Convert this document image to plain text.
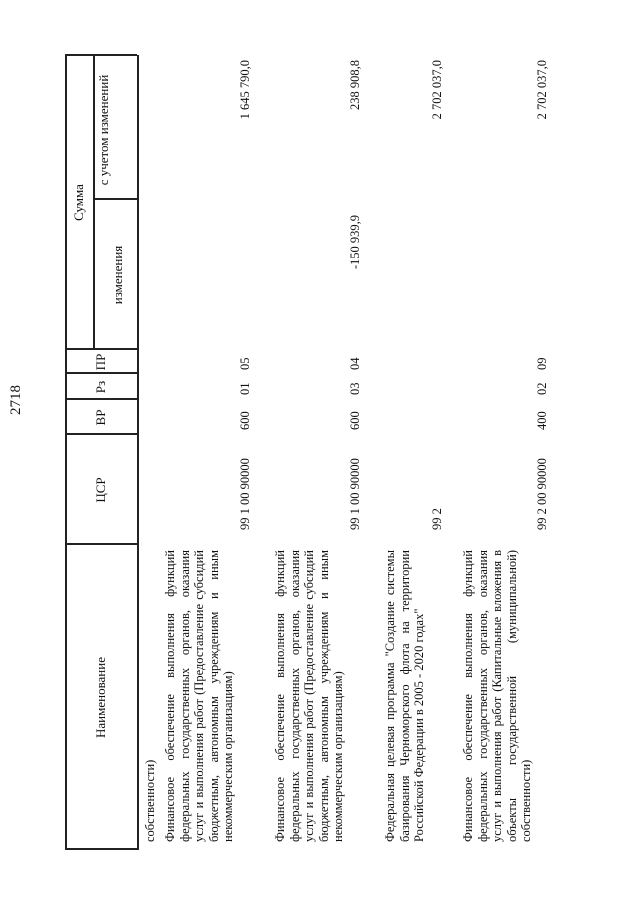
2718
Наименование
ЦСР
ВР
Рз
ПР
Сумма
изменения
с учетом изменений
собственности) Финансовое обеспечение выполнения функций федеральных государственных органов, оказания услуг и выполнения работ (Предоставление субсидий бюджетным, автономным учреждениям и иным некоммерческим организациям)
99 1 00 90000
600
01
05
1 645 790,0
Финансовое обеспечение выполнения функций федеральных государственных органов, оказания услуг и выполнения работ (Предоставление субсидий бюджетным, автономным учреждениям и иным некоммерческим организациям)
99 1 00 90000
600
03
04
-150 939,9
238 908,8
Федеральная целевая программа "Создание системы базирования Черноморского флота на территории Российской Федерации в 2005 - 2020 годах"
99 2
2 702 037,0
Финансовое обеспечение выполнения функций федеральных государственных органов, оказания услуг и выполнения работ (Капитальные вложения в объекты государственной (муниципальной) собственности)
99 2 00 90000
400
02
09
2 702 037,0
